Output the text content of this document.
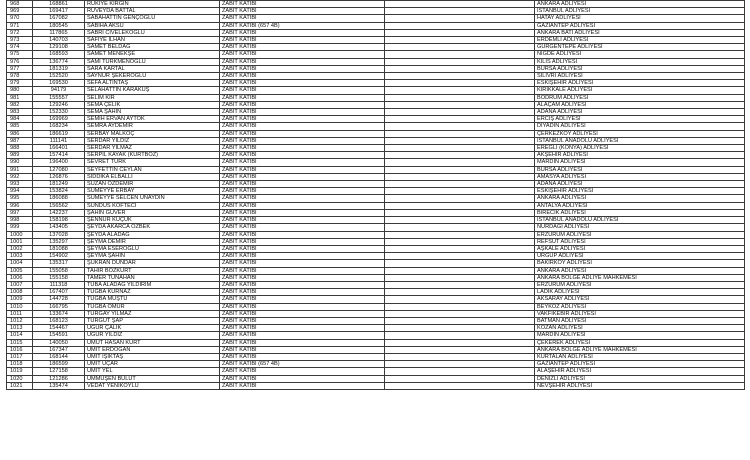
968	168861	RUKİYE KIRGIN	ZABIT KATİBİ		ANKARA ADLİYESİ
969	169417	RUVEYDA BATTAL	ZABIT KATİBİ		İSTANBUL ADLİYESİ
970	167082	SABAHATTİN GENÇOĞLU	ZABIT KATİBİ		HATAY ADLİYESİ
971	180545	SABİHA AKSU	ZABIT KATİBİ (657 4B)		GAZİANTEP ADLİYESİ
972	117865	SABRİ CİVELEKOĞLU	ZABIT KATİBİ		ANKARA BATI ADLİYESİ
973	140703	SAFİYE İLHAN	ZABIT KATİBİ		ERDEMLİ ADLİYESİ
974	129108	SAMET BELDAĞ	ZABIT KATİBİ		GÜRGENTEPE ADLİYESİ
975	168593	SAMET MENEKŞE	ZABIT KATİBİ		NİĞDE ADLİYESİ
976	136774	SAMİ TÜRKMENOĞLU	ZABIT KATİBİ		KİLİS ADLİYESİ
977	181319	SARA KARTAL	ZABIT KATİBİ		BURSA ADLİYESİ
978	152520	SAYNUR ŞEKEROĞLU	ZABIT KATİBİ		SİLİVRİ ADLİYESİ
979	169530	SEFA ALTINTAŞ	ZABIT KATİBİ		ESKİŞEHİR ADLİYESİ
980	94179	SELAHATTİN KARAKUŞ	ZABIT KATİBİ		KIRIKKALE ADLİYESİ
981	155557	SELİM KIR	ZABIT KATİBİ		BODRUM ADLİYESİ
982	129246	SEMA ÇELİK	ZABIT KATİBİ		ALAÇAM ADLİYESİ
983	152330	SEMA ŞAHİN	ZABIT KATİBİ		ADANA ADLİYESİ
984	169969	SEMİH ERVAN AYTOK	ZABIT KATİBİ		ERCİŞ ADLİYESİ
985	168234	SEMRA AYDEMİR	ZABIT KATİBİ		DİYADİN ADLİYESİ
986	186619	SERBAY MALKOÇ	ZABIT KATİBİ		ÇERKEZKÖY ADLİYESİ
987	111141	SERDAR YILDIZ	ZABIT KATİBİ		İSTANBUL ANADOLU ADLİYESİ
988	166401	SERDAR YILMAZ	ZABIT KATİBİ		EREĞLİ (KONYA) ADLİYESİ
989	157414	SERPİL KAYAK (KURTBOZ)	ZABIT KATİBİ		AKŞEHİR ADLİYESİ
990	196400	SEVRET TÜRK	ZABIT KATİBİ		MARDİN ADLİYESİ
991	127080	SEYFETTİN CEYLAN	ZABIT KATİBİ		BURSA ADLİYESİ
992	126876	SIDDIKA ELBALLI	ZABIT KATİBİ		AMASYA ADLİYESİ
993	181249	SUZAN ÖZDEMİR	ZABIT KATİBİ		ADANA ADLİYESİ
994	153824	SÜMEYYE ERBAY	ZABIT KATİBİ		ESKİŞEHİR ADLİYESİ
995	186088	SÜMEYYE SELCEN ÜNAYDIN	ZABIT KATİBİ		ANKARA ADLİYESİ
996	156562	SÜNDÜS KÖFTECİ	ZABIT KATİBİ		ANTALYA ADLİYESİ
997	142237	ŞAHİN GÜVER	ZABIT KATİBİ		BİRECİK ADLİYESİ
998	158198	ŞENNUR KÜÇÜK	ZABIT KATİBİ		İSTANBUL ANADOLU ADLİYESİ
999	143405	ŞEYDA AKARCA ÖZBEK	ZABIT KATİBİ		NURDAĞI ADLİYESİ
1000	137028	ŞEYDA ALADAĞ	ZABIT KATİBİ		ERZURUM ADLİYESİ
1001	135297	ŞEYMA DEMİR	ZABIT KATİBİ		REFSUT ADLİYESİ
1002	181088	ŞEYMA ESEROĞLU	ZABIT KATİBİ		AŞKALE ADLİYESİ
1003	154902	ŞEYMA ŞAHİN	ZABIT KATİBİ		ÜRGÜP ADLİYESİ
1004	135317	ŞÜKRAN DÜNDAR	ZABIT KATİBİ		BAKIRKÖY ADLİYESİ
1005	155058	TAHİR BOZKURT	ZABIT KATİBİ		ANKARA ADLİYESİ
1006	155158	TAMER TUNAHAN	ZABIT KATİBİ		ANKARA BÖLGE ADLİYE MAHKEMESİ
1007	111318	TUBA ALADAĞ YILDIRIM	ZABIT KATİBİ		ERZURUM ADLİYESİ
1008	167407	TUĞBA KURNAZ	ZABIT KATİBİ		LADİK ADLİYESİ
1009	144728	TUĞBA MUŞTU	ZABIT KATİBİ		AKSARAY ADLİYESİ
1010	166795	TUĞBA ÖMÜR	ZABIT KATİBİ		BEYKOZ ADLİYESİ
1011	133674	TURGAY YILMAZ	ZABIT KATİBİ		VAKFIKEBİR ADLİYESİ
1012	168123	TURGUT ŞAP	ZABIT KATİBİ		BATMAN ADLİYESİ
1013	154467	UĞUR ÇALIK	ZABIT KATİBİ		KOZAN ADLİYESİ
1014	154591	UĞUR YILDIZ	ZABIT KATİBİ		MARDİN ADLİYESİ
1015	140050	UMUT HASAN KURT	ZABIT KATİBİ		ÇEKEREK ADLİYESİ
1016	167347	ÜMİT ERDOĞAN	ZABIT KATİBİ		ANKARA BÖLGE ADLİYE MAHKEMESİ
1017	168144	ÜMİT IŞIKTAŞ	ZABIT KATİBİ		KURTALAN ADLİYESİ
1018	186599	ÜMİT UÇAR	ZABIT KATİBİ (657 4B)		GAZİANTEP ADLİYESİ
1019	127158	ÜMİT YEL	ZABIT KATİBİ		ALAŞEHİR ADLİYESİ
1020	121286	ÜMMÜŞEN BULUT	ZABIT KATİBİ		DENİZLİ ADLİYESİ
1021	135474	VEDAT YENİKÖYLÜ	ZABIT KATİBİ		NEVŞEHİR ADLİYESİ
